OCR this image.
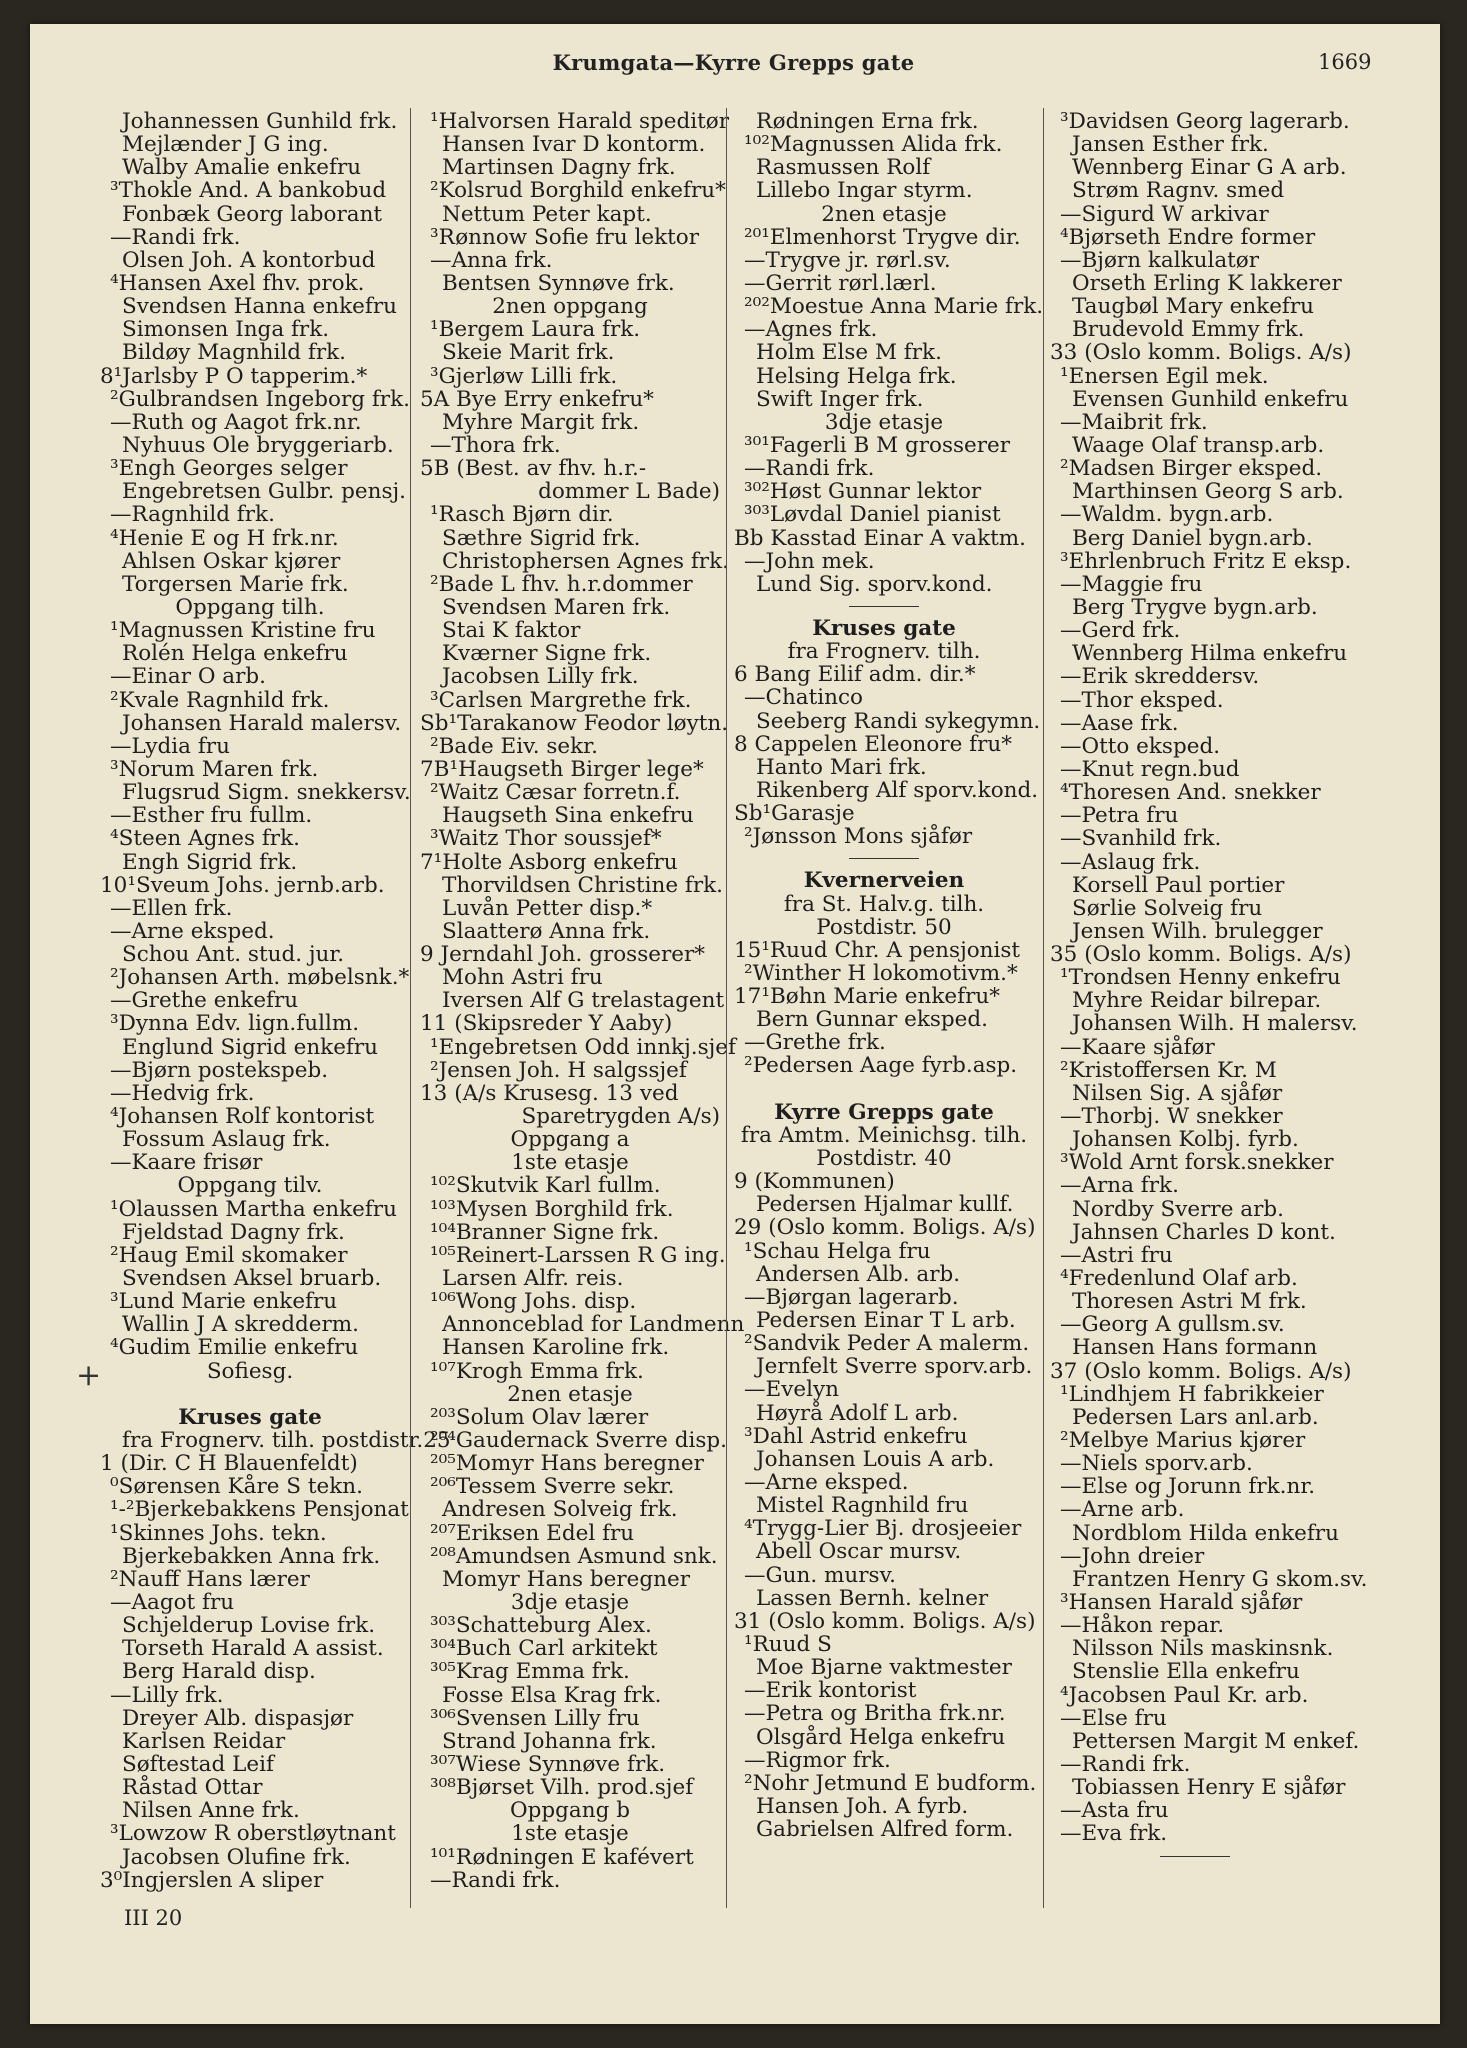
Krumgata—Kyrre Grepps gate	1669
Johannessen Gunhild frk.
Mejlænder J G ing.
Walby Amalie enkefru
³Thokle And. A bankobud
Fonbæk Georg laborant
—Randi frk.
Olsen Joh. A kontorbud
⁴Hansen Axel fhv. prok.
Svendsen Hanna enkefru
Simonsen Inga frk.
Bildøy Magnhild frk.
8¹Jarlsby P O tapperim.*
²Gulbrandsen Ingeborg frk.
—Ruth og Aagot frk.nr.
Nyhuus Ole bryggeriarb.
³Engh Georges selger
Engebretsen Gulbr. pensj.
—Ragnhild frk.
⁴Henie E og H frk.nr.
Ahlsen Oskar kjører
Torgersen Marie frk.
Oppgang tilh.
¹Magnussen Kristine fru
Rolén Helga enkefru
—Einar O arb.
²Kvale Ragnhild frk.
Johansen Harald malersv.
—Lydia fru
³Norum Maren frk.
Flugsrud Sigm. snekkersv.
—Esther fru fullm.
⁴Steen Agnes frk.
Engh Sigrid frk.
10¹Sveum Johs. jernb.arb.
—Ellen frk.
—Arne eksped.
Schou Ant. stud. jur.
²Johansen Arth. møbelsnk.*
—Grethe enkefru
³Dynna Edv. lign.fullm.
Englund Sigrid enkefru
—Bjørn postekspeb.
—Hedvig frk.
⁴Johansen Rolf kontorist
Fossum Aslaug frk.
—Kaare frisør
Oppgang tilv.
¹Olaussen Martha enkefru
Fjeldstad Dagny frk.
²Haug Emil skomaker
Svendsen Aksel bruarb.
³Lund Marie enkefru
Wallin J A skredderm.
⁴Gudim Emilie enkefru
Sofiesg.
Kruses gate
fra Frognerv. tilh. postdistr.25
1 (Dir. C H Blauenfeldt)
⁰Sørensen Kåre S tekn.
¹‑²Bjerkebakkens Pensjonat
¹Skinnes Johs. tekn.
Bjerkebakken Anna frk.
²Nauff Hans lærer
—Aagot fru
Schjelderup Lovise frk.
Torseth Harald A assist.
Berg Harald disp.
—Lilly frk.
Dreyer Alb. dispasjør
Karlsen Reidar
Søftestad Leif
Råstad Ottar
Nilsen Anne frk.
³Lowzow R oberstløytnant
Jacobsen Olufine frk.
3⁰Ingjerslen A sliper
¹Halvorsen Harald speditør
Hansen Ivar D kontorm.
Martinsen Dagny frk.
²Kolsrud Borghild enkefru*
Nettum Peter kapt.
³Rønnow Sofie fru lektor
—Anna frk.
Bentsen Synnøve frk.
2nen oppgang
¹Bergem Laura frk.
Skeie Marit frk.
³Gjerløw Lilli frk.
5A Bye Erry enkefru*
Myhre Margit frk.
—Thora frk.
5B (Best. av fhv. h.r.-
dommer L Bade)
¹Rasch Bjørn dir.
Sæthre Sigrid frk.
Christophersen Agnes frk.
²Bade L fhv. h.r.dommer
Svendsen Maren frk.
Stai K faktor
Kværner Signe frk.
Jacobsen Lilly frk.
³Carlsen Margrethe frk.
Sb¹Tarakanow Feodor løytn.
²Bade Eiv. sekr.
7B¹Haugseth Birger lege*
²Waitz Cæsar forretn.f.
Haugseth Sina enkefru
³Waitz Thor soussjef*
7¹Holte Asborg enkefru
Thorvildsen Christine frk.
Luvån Petter disp.*
Slaatterø Anna frk.
9 Jerndahl Joh. grosserer*
Mohn Astri fru
Iversen Alf G trelastagent
11 (Skipsreder Y Aaby)
¹Engebretsen Odd innkj.sjef
²Jensen Joh. H salgssjef
13 (A/s Krusesg. 13 ved
Sparetrygden A/s)
Oppgang a
1ste etasje
¹⁰²Skutvik Karl fullm.
¹⁰³Mysen Borghild frk.
¹⁰⁴Branner Signe frk.
¹⁰⁵Reinert-Larssen R G ing.
Larsen Alfr. reis.
¹⁰⁶Wong Johs. disp.
Annonceblad for Landmenn
Hansen Karoline frk.
¹⁰⁷Krogh Emma frk.
2nen etasje
²⁰³Solum Olav lærer
²⁰⁴Gaudernack Sverre disp.
²⁰⁵Momyr Hans beregner
²⁰⁶Tessem Sverre sekr.
Andresen Solveig frk.
²⁰⁷Eriksen Edel fru
²⁰⁸Amundsen Asmund snk.
Momyr Hans beregner
3dje etasje
³⁰³Schatteburg Alex.
³⁰⁴Buch Carl arkitekt
³⁰⁵Krag Emma frk.
Fosse Elsa Krag frk.
³⁰⁶Svensen Lilly fru
Strand Johanna frk.
³⁰⁷Wiese Synnøve frk.
³⁰⁸Bjørset Vilh. prod.sjef
Oppgang b
1ste etasje
¹⁰¹Rødningen E kafévert
—Randi frk.
Rødningen Erna frk.
¹⁰²Magnussen Alida frk.
Rasmussen Rolf
Lillebo Ingar styrm.
2nen etasje
²⁰¹Elmenhorst Trygve dir.
—Trygve jr. rørl.sv.
—Gerrit rørl.lærl.
²⁰²Moestue Anna Marie frk.
—Agnes frk.
Holm Else M frk.
Helsing Helga frk.
Swift Inger frk.
3dje etasje
³⁰¹Fagerli B M grosserer
—Randi frk.
³⁰²Høst Gunnar lektor
³⁰³Løvdal Daniel pianist
Bb Kasstad Einar A vaktm.
—John mek.
Lund Sig. sporv.kond.
Kruses gate
fra Frognerv. tilh.
6 Bang Eilif adm. dir.*
—Chatinco
Seeberg Randi sykegymn.
8 Cappelen Eleonore fru*
Hanto Mari frk.
Rikenberg Alf sporv.kond.
Sb¹Garasje
²Jønsson Mons sjåfør
Kvernerveien
fra St. Halv.g. tilh.
Postdistr. 50
15¹Ruud Chr. A pensjonist
²Winther H lokomotivm.*
17¹Bøhn Marie enkefru*
Bern Gunnar eksped.
—Grethe frk.
²Pedersen Aage fyrb.asp.
Kyrre Grepps gate
fra Amtm. Meinichsg. tilh.
Postdistr. 40
9 (Kommunen)
Pedersen Hjalmar kullf.
29 (Oslo komm. Boligs. A/s)
¹Schau Helga fru
Andersen Alb. arb.
—Bjørgan lagerarb.
Pedersen Einar T L arb.
²Sandvik Peder A malerm.
Jernfelt Sverre sporv.arb.
—Evelyn
Høyrå Adolf L arb.
³Dahl Astrid enkefru
Johansen Louis A arb.
—Arne eksped.
Mistel Ragnhild fru
⁴Trygg-Lier Bj. drosjeeier
Abell Oscar mursv.
—Gun. mursv.
Lassen Bernh. kelner
31 (Oslo komm. Boligs. A/s)
¹Ruud S
Moe Bjarne vaktmester
—Erik kontorist
—Petra og Britha frk.nr.
Olsgård Helga enkefru
—Rigmor frk.
²Nohr Jetmund E budform.
Hansen Joh. A fyrb.
Gabrielsen Alfred form.
³Davidsen Georg lagerarb.
Jansen Esther frk.
Wennberg Einar G A arb.
Strøm Ragnv. smed
—Sigurd W arkivar
⁴Bjørseth Endre former
—Bjørn kalkulatør
Orseth Erling K lakkerer
Taugbøl Mary enkefru
Brudevold Emmy frk.
33 (Oslo komm. Boligs. A/s)
¹Enersen Egil mek.
Evensen Gunhild enkefru
—Maibrit frk.
Waage Olaf transp.arb.
²Madsen Birger eksped.
Marthinsen Georg S arb.
—Waldm. bygn.arb.
Berg Daniel bygn.arb.
³Ehrlenbruch Fritz E eksp.
—Maggie fru
Berg Trygve bygn.arb.
—Gerd frk.
Wennberg Hilma enkefru
—Erik skreddersv.
—Thor eksped.
—Aase frk.
—Otto eksped.
—Knut regn.bud
⁴Thoresen And. snekker
—Petra fru
—Svanhild frk.
—Aslaug frk.
Korsell Paul portier
Sørlie Solveig fru
Jensen Wilh. brulegger
35 (Oslo komm. Boligs. A/s)
¹Trondsen Henny enkefru
Myhre Reidar bilrepar.
Johansen Wilh. H malersv.
—Kaare sjåfør
²Kristoffersen Kr. M
Nilsen Sig. A sjåfør
—Thorbj. W snekker
Johansen Kolbj. fyrb.
³Wold Arnt forsk.snekker
—Arna frk.
Nordby Sverre arb.
Jahnsen Charles D kont.
—Astri fru
⁴Fredenlund Olaf arb.
Thoresen Astri M frk.
—Georg A gullsm.sv.
Hansen Hans formann
37 (Oslo komm. Boligs. A/s)
¹Lindhjem H fabrikkeier
Pedersen Lars anl.arb.
²Melbye Marius kjører
—Niels sporv.arb.
—Else og Jorunn frk.nr.
—Arne arb.
Nordblom Hilda enkefru
—John dreier
Frantzen Henry G skom.sv.
³Hansen Harald sjåfør
—Håkon repar.
Nilsson Nils maskinsnk.
Stenslie Ella enkefru
⁴Jacobsen Paul Kr. arb.
—Else fru
Pettersen Margit M enkef.
—Randi frk.
Tobiassen Henry E sjåfør
—Asta fru
—Eva frk.
+
III 20
